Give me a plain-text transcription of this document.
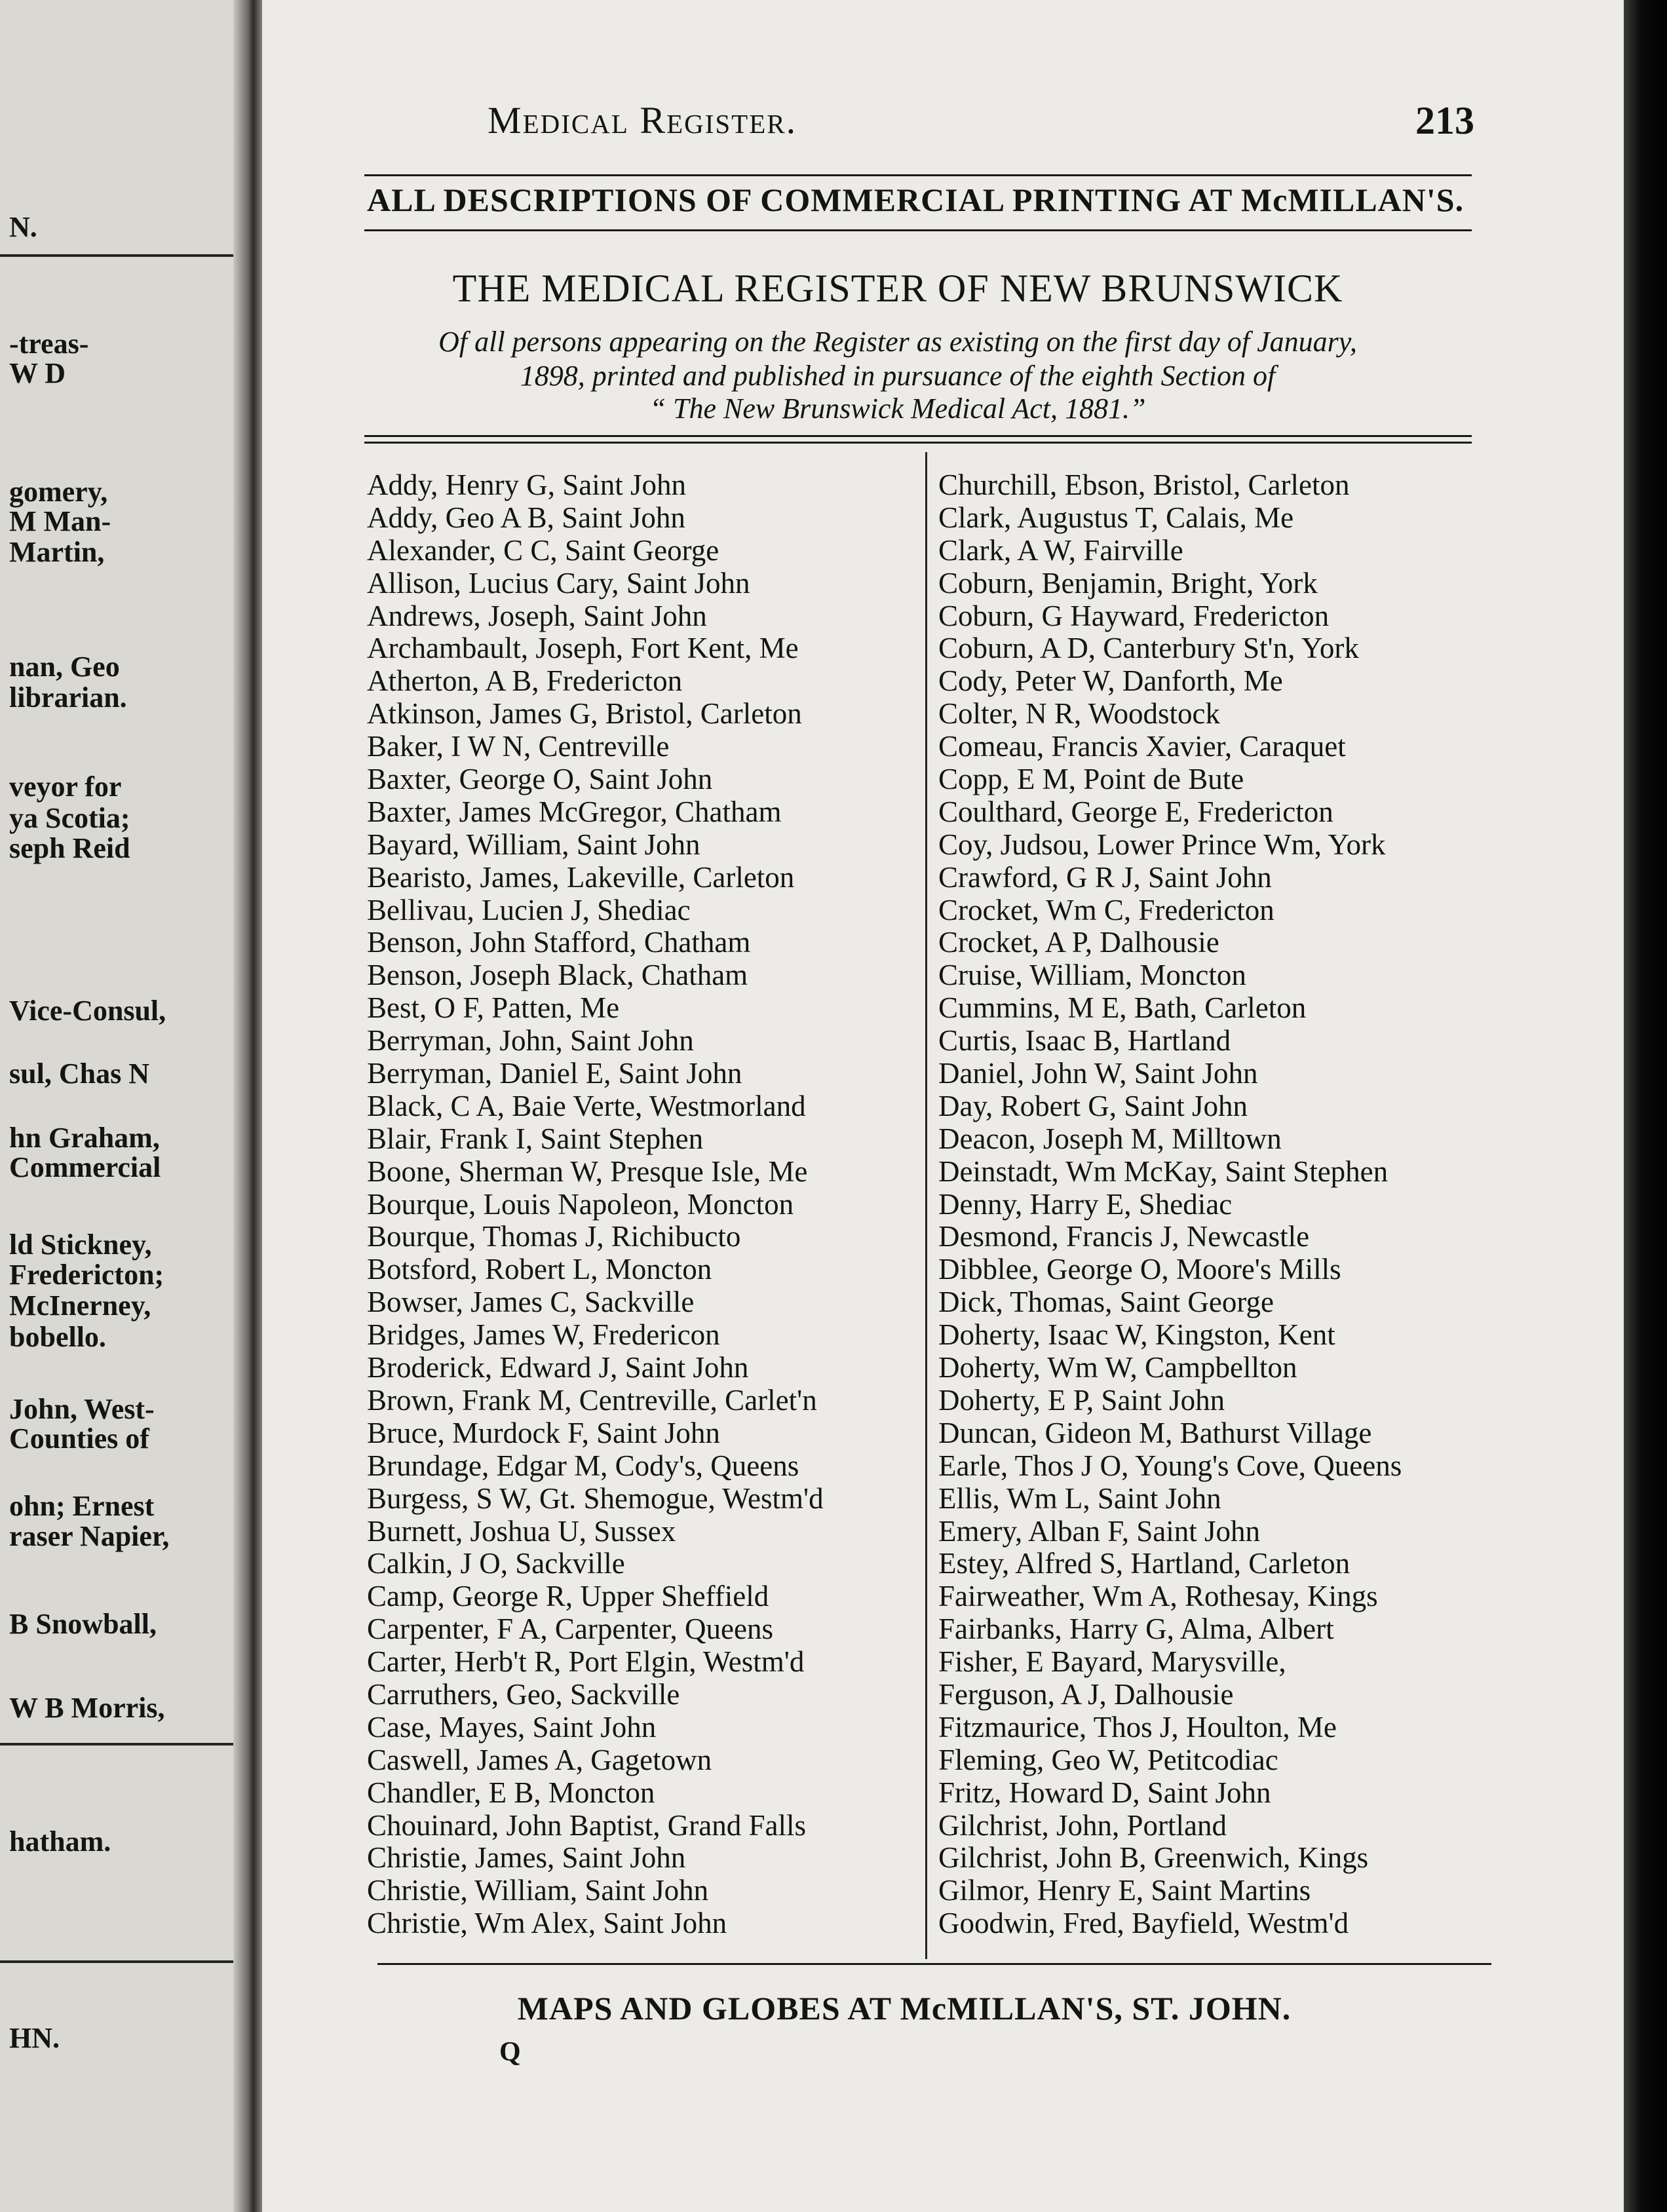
N.
-treas-
W D
gomery,
M Man-
Martin,
nan, Geo
librarian.
veyor for
ya Scotia;
seph Reid
Vice-Consul,
sul, Chas N
hn Graham,
Commercial
ld Stickney,
Fredericton;
McInerney,
bobello.
John, West-
Counties of
ohn; Ernest
raser Napier,
B Snowball,
W B Morris,
hatham.
HN.
Medical Register.	213
ALL DESCRIPTIONS OF COMMERCIAL PRINTING AT McMILLAN'S.
THE MEDICAL REGISTER OF NEW BRUNSWICK
Of all persons appearing on the Register as existing on the first day of January,
1898, printed and published in pursuance of the eighth Section of
“ The New Brunswick Medical Act, 1881.”
Addy, Henry G, Saint John
Addy, Geo A B, Saint John
Alexander, C C, Saint George
Allison, Lucius Cary, Saint John
Andrews, Joseph, Saint John
Archambault, Joseph, Fort Kent, Me
Atherton, A B, Fredericton
Atkinson, James G, Bristol, Carleton
Baker, I W N, Centreville
Baxter, George O, Saint John
Baxter, James McGregor, Chatham
Bayard, William, Saint John
Bearisto, James, Lakeville, Carleton
Bellivau, Lucien J, Shediac
Benson, John Stafford, Chatham
Benson, Joseph Black, Chatham
Best, O F, Patten, Me
Berryman, John, Saint John
Berryman, Daniel E, Saint John
Black, C A, Baie Verte, Westmorland
Blair, Frank I, Saint Stephen
Boone, Sherman W, Presque Isle, Me
Bourque, Louis Napoleon, Moncton
Bourque, Thomas J, Richibucto
Botsford, Robert L, Moncton
Bowser, James C, Sackville
Bridges, James W, Fredericon
Broderick, Edward J, Saint John
Brown, Frank M, Centreville, Carlet'n
Bruce, Murdock F, Saint John
Brundage, Edgar M, Cody's, Queens
Burgess, S W, Gt. Shemogue, Westm'd
Burnett, Joshua U, Sussex
Calkin, J O, Sackville
Camp, George R, Upper Sheffield
Carpenter, F A, Carpenter, Queens
Carter, Herb't R, Port Elgin, Westm'd
Carruthers, Geo, Sackville
Case, Mayes, Saint John
Caswell, James A, Gagetown
Chandler, E B, Moncton
Chouinard, John Baptist, Grand Falls
Christie, James, Saint John
Christie, William, Saint John
Christie, Wm Alex, Saint John
Churchill, Ebson, Bristol, Carleton
Clark, Augustus T, Calais, Me
Clark, A W, Fairville
Coburn, Benjamin, Bright, York
Coburn, G Hayward, Fredericton
Coburn, A D, Canterbury St'n, York
Cody, Peter W, Danforth, Me
Colter, N R, Woodstock
Comeau, Francis Xavier, Caraquet
Copp, E M, Point de Bute
Coulthard, George E, Fredericton
Coy, Judsou, Lower Prince Wm, York
Crawford, G R J, Saint John
Crocket, Wm C, Fredericton
Crocket, A P, Dalhousie
Cruise, William, Moncton
Cummins, M E, Bath, Carleton
Curtis, Isaac B, Hartland
Daniel, John W, Saint John
Day, Robert G, Saint John
Deacon, Joseph M, Milltown
Deinstadt, Wm McKay, Saint Stephen
Denny, Harry E, Shediac
Desmond, Francis J, Newcastle
Dibblee, George O, Moore's Mills
Dick, Thomas, Saint George
Doherty, Isaac W, Kingston, Kent
Doherty, Wm W, Campbellton
Doherty, E P, Saint John
Duncan, Gideon M, Bathurst Village
Earle, Thos J O, Young's Cove, Queens
Ellis, Wm L, Saint John
Emery, Alban F, Saint John
Estey, Alfred S, Hartland, Carleton
Fairweather, Wm A, Rothesay, Kings
Fairbanks, Harry G, Alma, Albert
Fisher, E Bayard, Marysville,
Ferguson, A J, Dalhousie
Fitzmaurice, Thos J, Houlton, Me
Fleming, Geo W, Petitcodiac
Fritz, Howard D, Saint John
Gilchrist, John, Portland
Gilchrist, John B, Greenwich, Kings
Gilmor, Henry E, Saint Martins
Goodwin, Fred, Bayfield, Westm'd
MAPS AND GLOBES AT McMILLAN'S, ST. JOHN.
Q
